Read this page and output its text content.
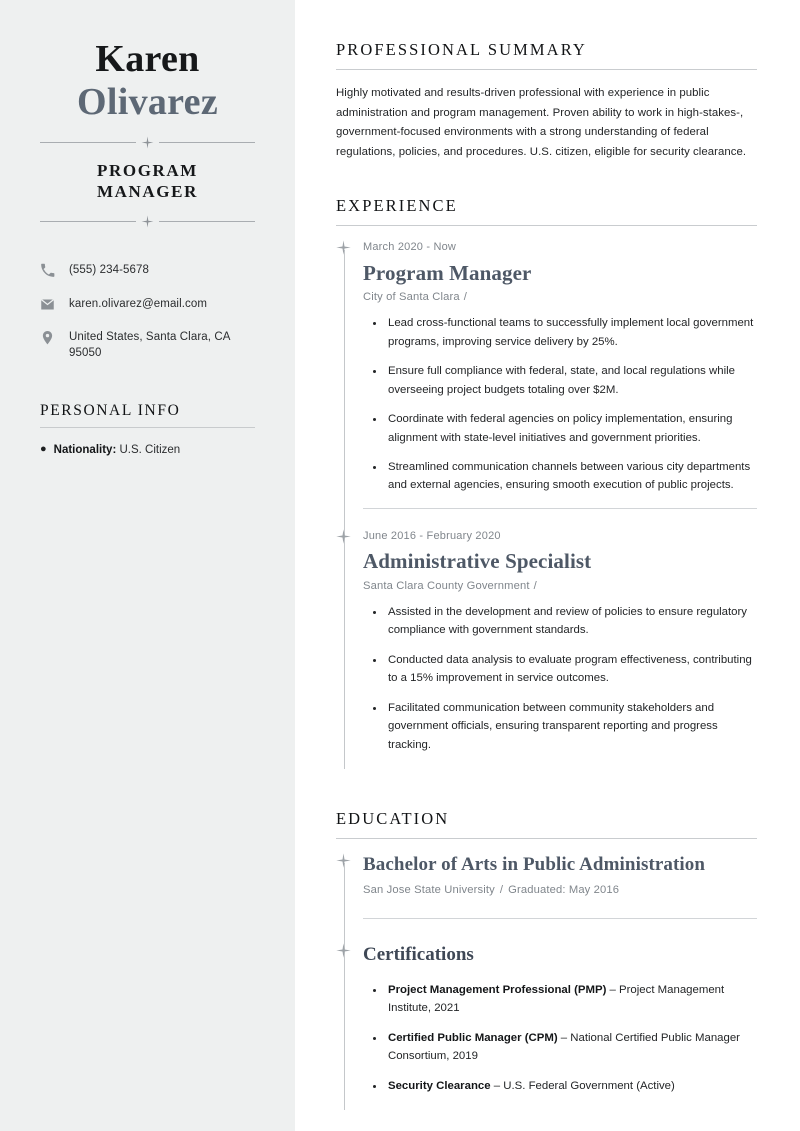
Karen
Olivarez
PROGRAM
MANAGER
(555) 234-5678
karen.olivarez@email.com
United States, Santa Clara, CA 95050
PERSONAL INFO
● Nationality: U.S. Citizen
PROFESSIONAL SUMMARY

Highly motivated and results-driven professional with experience in public administration and program management. Proven ability to work in high-stakes-, government-focused environments with a strong understanding of federal regulations, policies, and procedures. U.S. citizen, eligible for security clearance.

EXPERIENCE
March 2020 - Now
Program Manager
City of Santa Clara /
• Lead cross-functional teams to successfully implement local government programs, improving service delivery by 25%.
• Ensure full compliance with federal, state, and local regulations while overseeing project budgets totaling over $2M.
• Coordinate with federal agencies on policy implementation, ensuring alignment with state-level initiatives and government priorities.
• Streamlined communication channels between various city departments and external agencies, ensuring smooth execution of public projects.
June 2016 - February 2020
Administrative Specialist
Santa Clara County Government /
• Assisted in the development and review of policies to ensure regulatory compliance with government standards.
• Conducted data analysis to evaluate program effectiveness, contributing to a 15% improvement in service outcomes.
• Facilitated communication between community stakeholders and government officials, ensuring transparent reporting and progress tracking.
EDUCATION
Bachelor of Arts in Public Administration
San Jose State University / Graduated: May 2016
Certifications
• Project Management Professional (PMP) – Project Management Institute, 2021
• Certified Public Manager (CPM) – National Certified Public Manager Consortium, 2019
• Security Clearance – U.S. Federal Government (Active)
